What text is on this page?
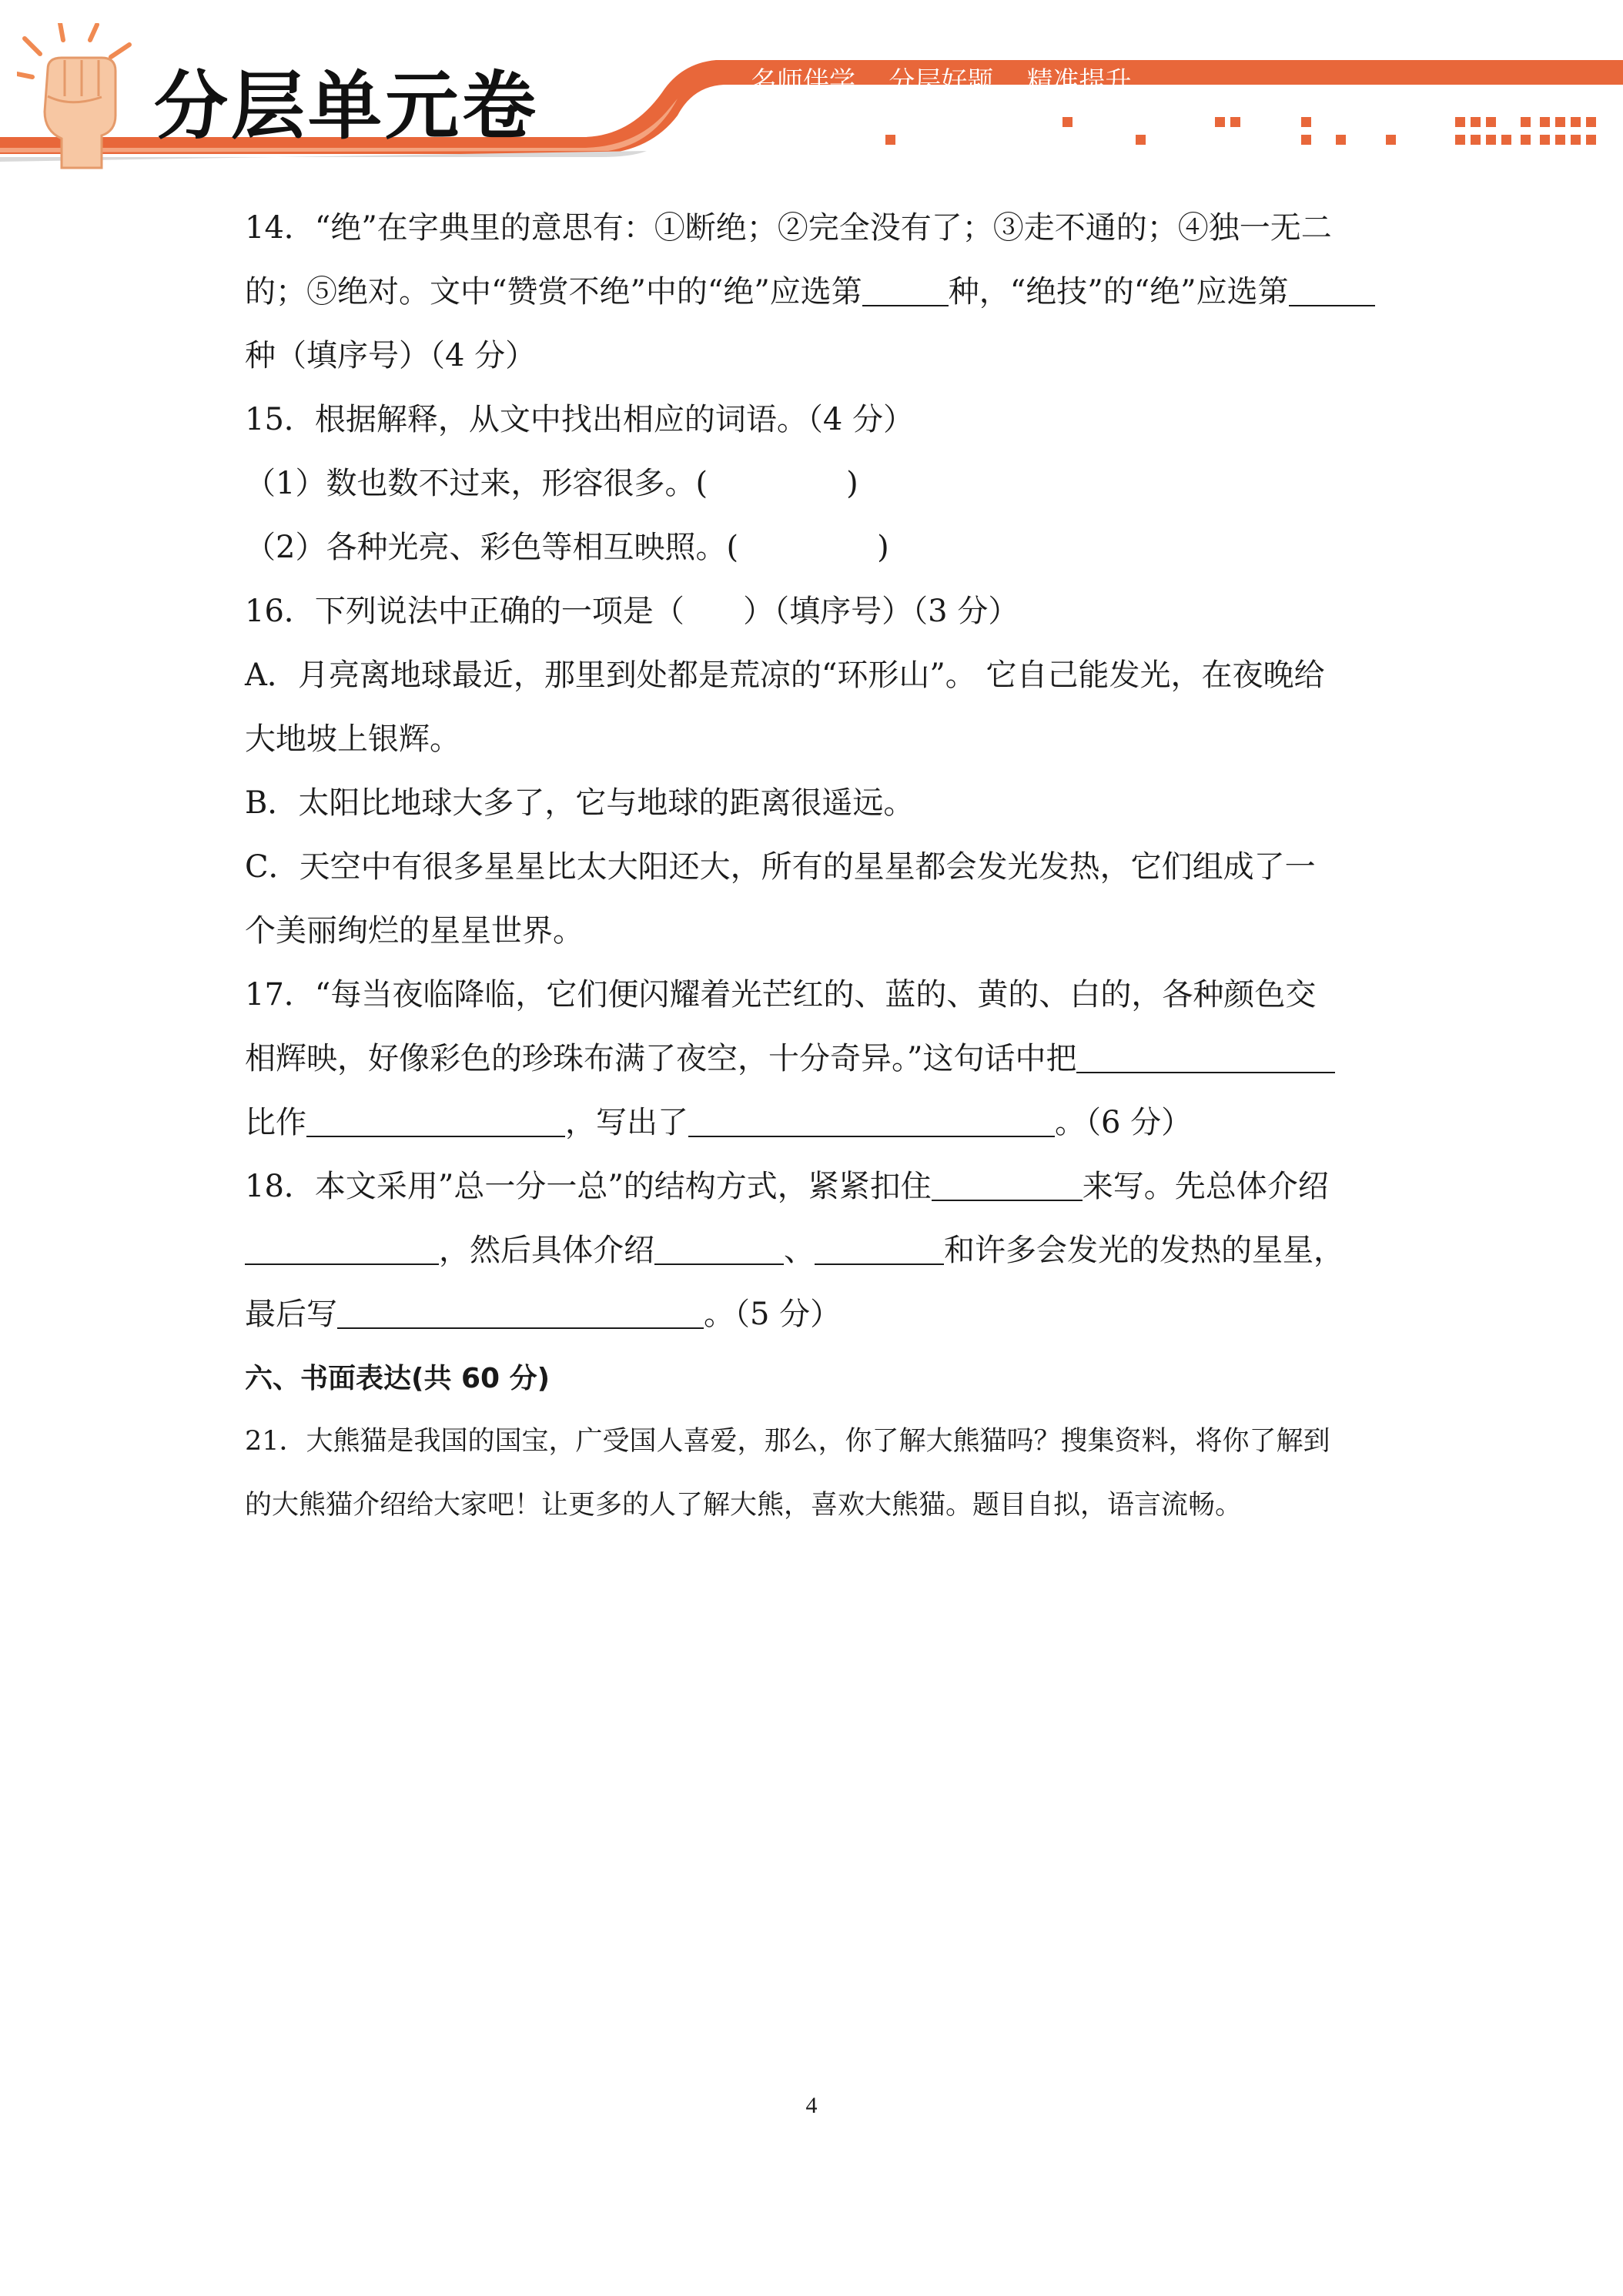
分层单元卷	名师伴学    分层好题    精准提升
14．“绝”在字典里的意思有：①断绝；②完全没有了；③走不通的；④独一无二
的；⑤绝对。文中“赞赏不绝”中的“绝”应选第	种，“绝技”的“绝”应选第
种（填序号）（4 分）
15．根据解释，从文中找出相应的词语。（4 分）
（1）数也数不过来，形容很多。(	)
（2）各种光亮、彩色等相互映照。(	)
16．下列说法中正确的一项是（      ）（填序号）（3 分）
A．月亮离地球最近，那里到处都是荒凉的“环形山”。 它自己能发光，在夜晚给
大地坡上银辉。
B．太阳比地球大多了，它与地球的距离很遥远。
C．天空中有很多星星比太大阳还大，所有的星星都会发光发热，它们组成了一
个美丽绚烂的星星世界。
17．“每当夜临降临，它们便闪耀着光芒红的、蓝的、黄的、白的，各种颜色交
相辉映，好像彩色的珍珠布满了夜空，十分奇异。”这句话中把
比作	，写出了	。（6 分）
18．本文采用”总一分一总”的结构方式，紧紧扣住	来写。先总体介绍
，然后具体介绍	、	和许多会发光的发热的星星，
最后写	。（5 分）
六、书面表达(共 60 分)
21．大熊猫是我国的国宝，广受国人喜爱，那么，你了解大熊猫吗？搜集资料，将你了解到
的大熊猫介绍给大家吧！让更多的人了解大熊，喜欢大熊猫。题目自拟，语言流畅。
4
